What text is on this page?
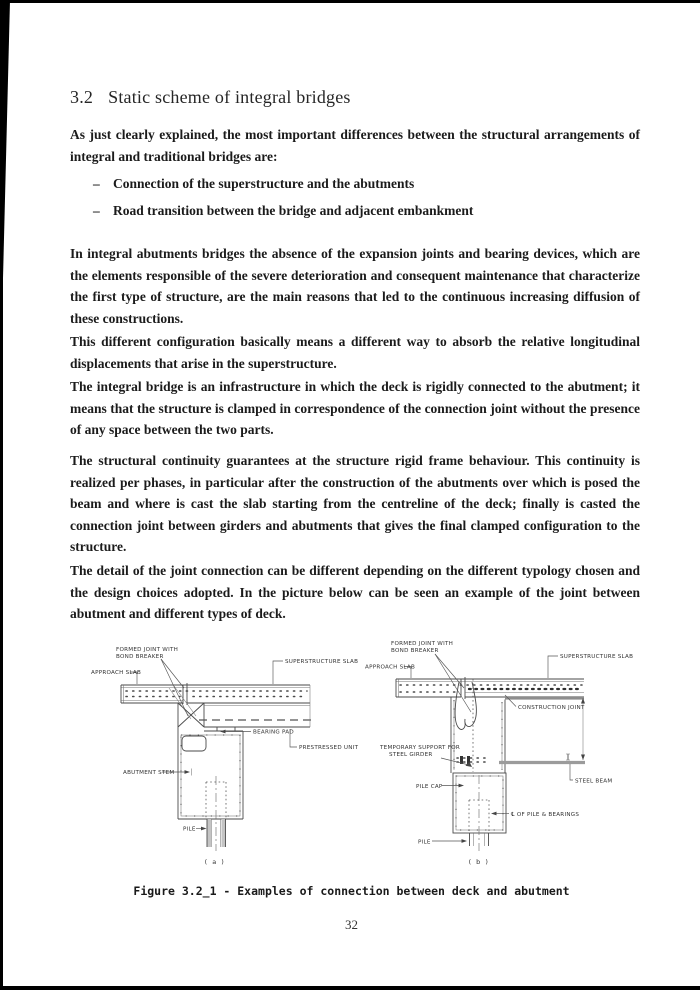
3.2 Static scheme of integral bridges

As just clearly explained, the most important differences between the structural arrangements of integral and traditional bridges are:

– Connection of the superstructure and the abutments
– Road transition between the bridge and adjacent embankment

In integral abutments bridges the absence of the expansion joints and bearing devices, which are the elements responsible of the severe deterioration and consequent maintenance that characterize the first type of structure, are the main reasons that led to the continuous increasing diffusion of these constructions.

This different configuration basically means a different way to absorb the relative longitudinal displacements that arise in the superstructure.

The integral bridge is an infrastructure in which the deck is rigidly connected to the abutment; it means that the structure is clamped in correspondence of the connection joint without the presence of any space between the two parts.

The structural continuity guarantees at the structure rigid frame behaviour. This continuity is realized per phases, in particular after the construction of the abutments over which is posed the beam and where is cast the slab starting from the centreline of the deck; finally is casted the connection joint between girders and abutments that gives the final clamped configuration to the structure.

The detail of the joint connection can be different depending on the different typology chosen and the design choices adopted. In the picture below can be seen an example of the joint between abutment and different types of deck.

FORMED JOINT WITH
BOND BREAKER
SUPERSTRUCTURE SLAB
APPROACH SLAB
BEARING PAD
PRESTRESSED UNIT
ABUTMENT STEM
PILE
( a )
FORMED JOINT WITH
BOND BREAKER
SUPERSTRUCTURE SLAB
APPROACH SLAB
CONSTRUCTION JOINT
TEMPORARY SUPPORT FOR
STEEL GIRDER
STEEL BEAM
PILE CAP
℄ OF PILE & BEARINGS
PILE
( b )
Figure 3.2_1 - Examples of connection between deck and abutment
32
